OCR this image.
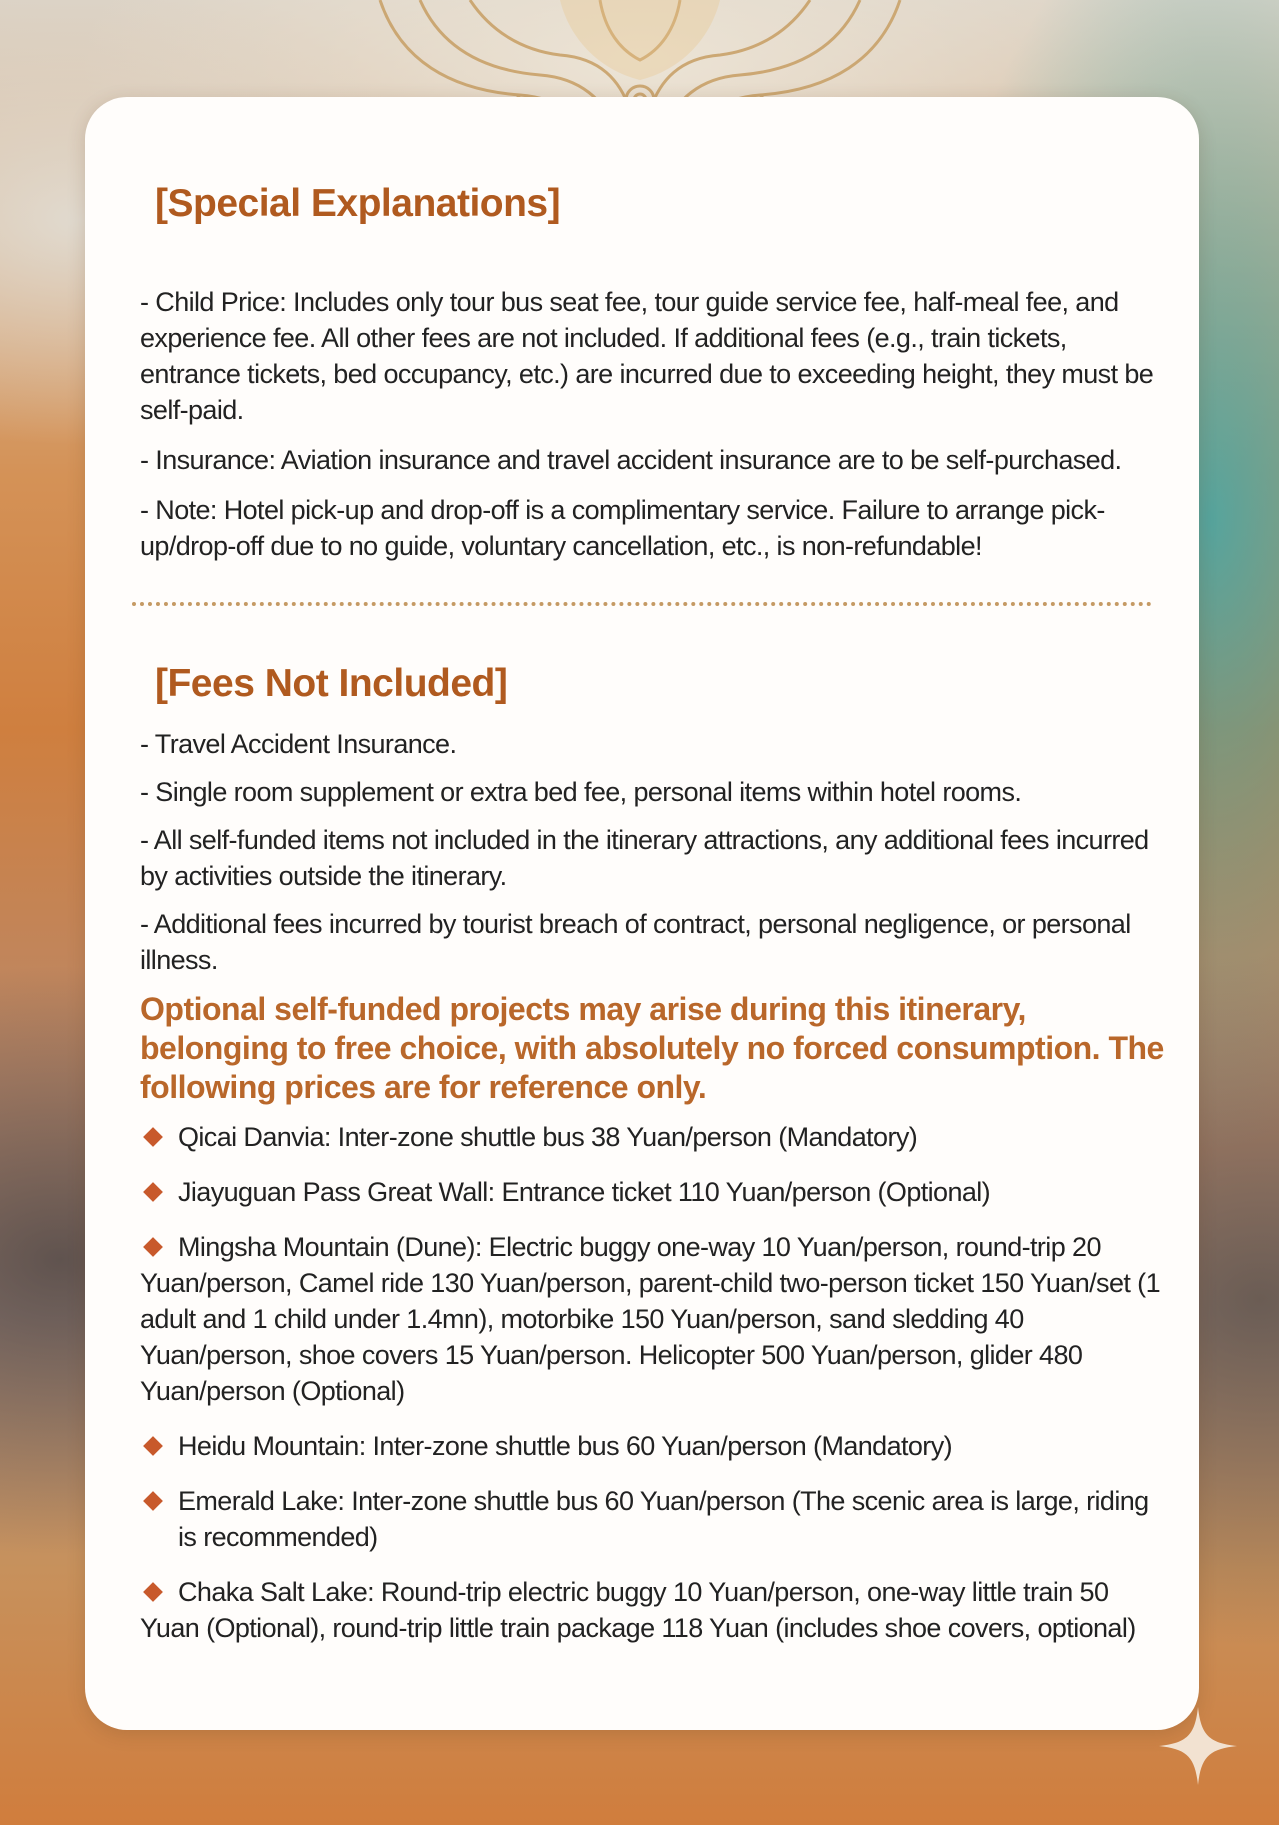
[Special Explanations]

- Child Price: Includes only tour bus seat fee, tour guide service fee, half-meal fee, and experience fee. All other fees are not included. If additional fees (e.g., train tickets, entrance tickets, bed occupancy, etc.) are incurred due to exceeding height, they must be self-paid.

- Insurance: Aviation insurance and travel accident insurance are to be self-purchased.

- Note: Hotel pick-up and drop-off is a complimentary service. Failure to arrange pick-up/drop-off due to no guide, voluntary cancellation, etc., is non-refundable!

[Fees Not Included]

- Travel Accident Insurance.

- Single room supplement or extra bed fee, personal items within hotel rooms.

- All self-funded items not included in the itinerary attractions, any additional fees incurred by activities outside the itinerary.

- Additional fees incurred by tourist breach of contract, personal negligence, or personal illness.

Optional self-funded projects may arise during this itinerary, belonging to free choice, with absolutely no forced consumption. The following prices are for reference only.

Qicai Danvia: Inter-zone shuttle bus 38 Yuan/person (Mandatory)
Jiayuguan Pass Great Wall: Entrance ticket 110 Yuan/person (Optional)
Mingsha Mountain (Dune): Electric buggy one-way 10 Yuan/person, round-trip 20 Yuan/person, Camel ride 130 Yuan/person, parent-child two-person ticket 150 Yuan/set (1 adult and 1 child under 1.4mn), motorbike 150 Yuan/person, sand sledding 40 Yuan/person, shoe covers 15 Yuan/person. Helicopter 500 Yuan/person, glider 480 Yuan/person (Optional)
Heidu Mountain: Inter-zone shuttle bus 60 Yuan/person (Mandatory)
Emerald Lake: Inter-zone shuttle bus 60 Yuan/person (The scenic area is large, riding is recommended)
Chaka Salt Lake: Round-trip electric buggy 10 Yuan/person, one-way little train 50 Yuan (Optional), round-trip little train package 118 Yuan (includes shoe covers, optional)
